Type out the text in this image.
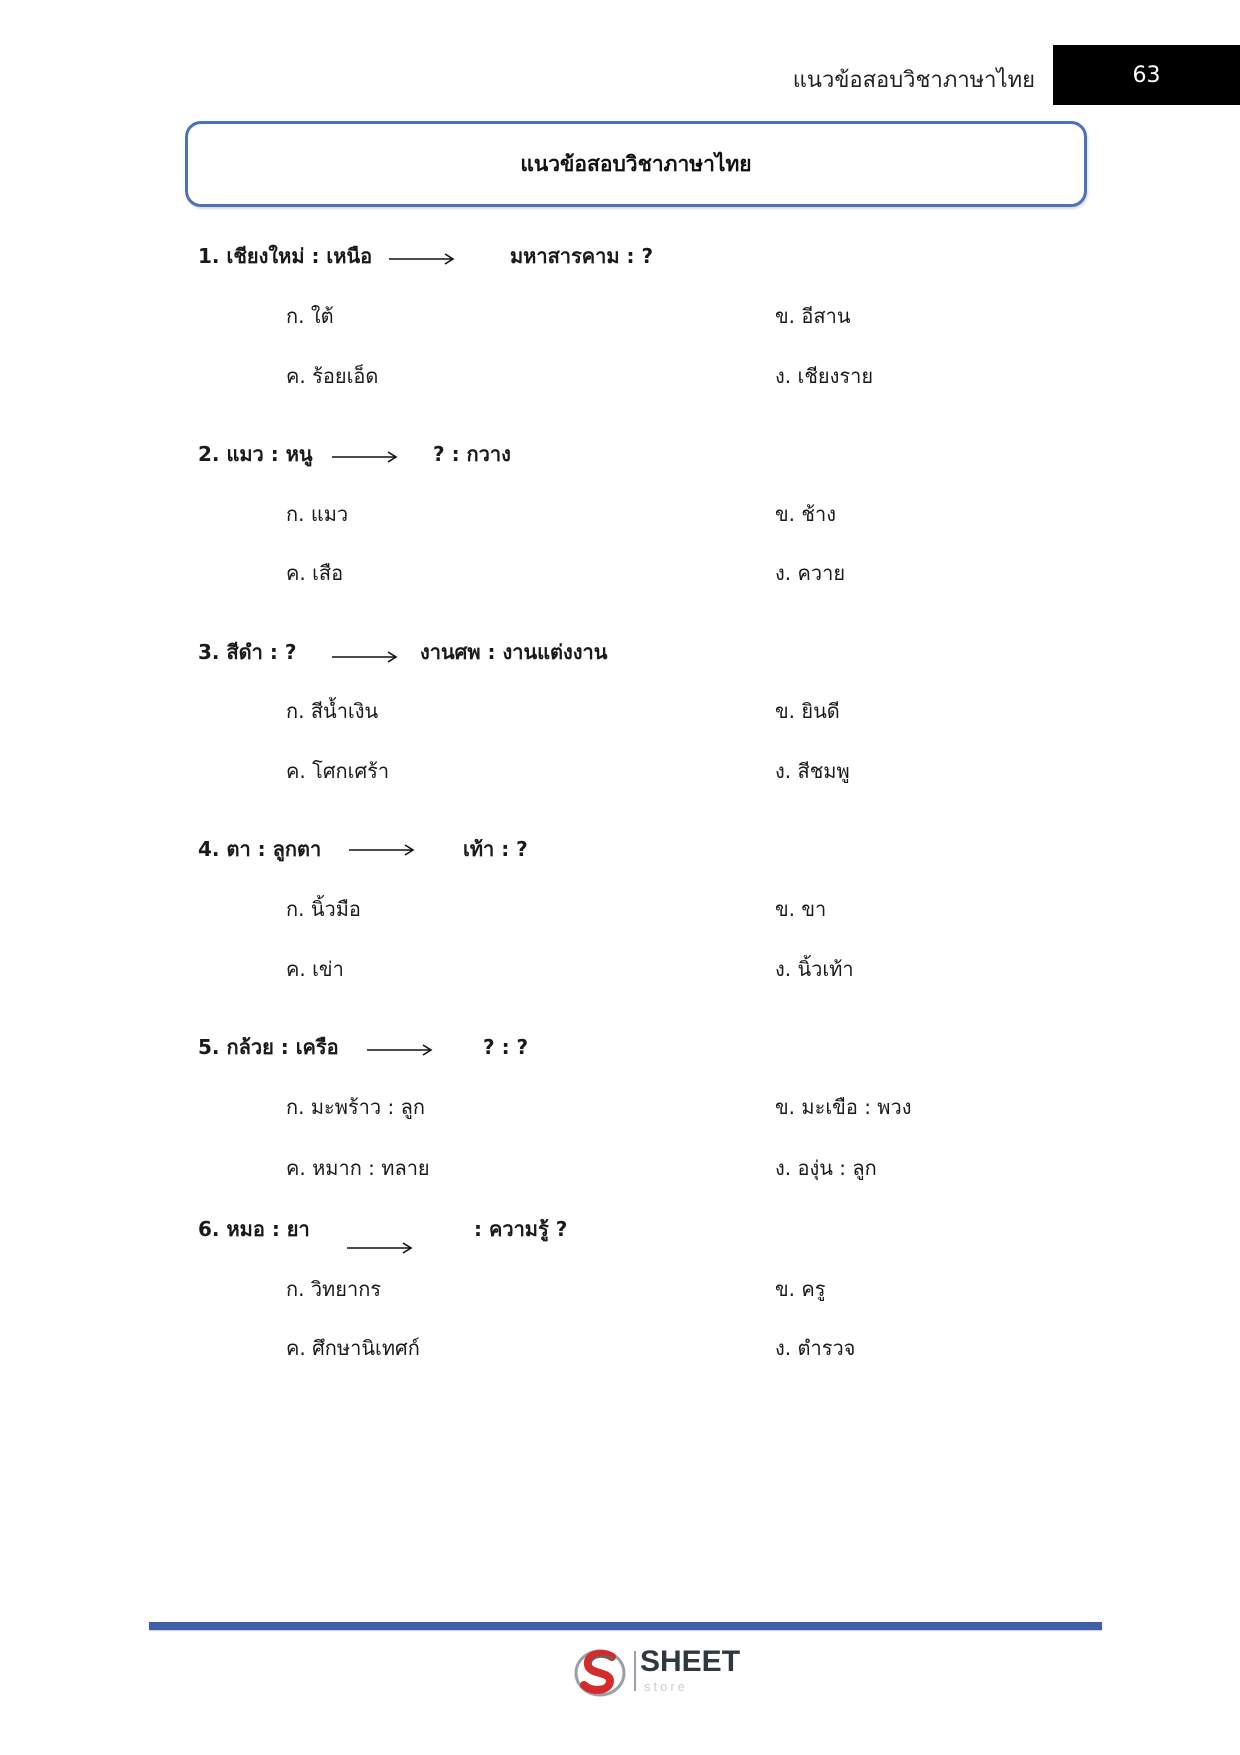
แนวข้อสอบวิชาภาษาไทย	63
แนวข้อสอบวิชาภาษาไทย
1. เชียงใหม่ : เหนือ	มหาสารคาม : ?
ก. ใต้	ข. อีสาน
ค. ร้อยเอ็ด	ง. เชียงราย
2. แมว : หนู	? : กวาง
ก. แมว	ข. ช้าง
ค. เสือ	ง. ควาย
3. สีดำ : ?	งานศพ : งานแต่งงาน
ก. สีน้ำเงิน	ข. ยินดี
ค. โศกเศร้า	ง. สีชมพู
4. ตา : ลูกตา	เท้า : ?
ก. นิ้วมือ	ข. ขา
ค. เข่า	ง. นิ้วเท้า
5. กล้วย : เครือ	? : ?
ก. มะพร้าว : ลูก	ข. มะเขือ : พวง
ค. หมาก : ทลาย	ง. องุ่น : ลูก
6. หมอ : ยา	: ความรู้ ?
ก. วิทยากร	ข. ครู
ค. ศึกษานิเทศก์	ง. ตำรวจ
SHEET
store
